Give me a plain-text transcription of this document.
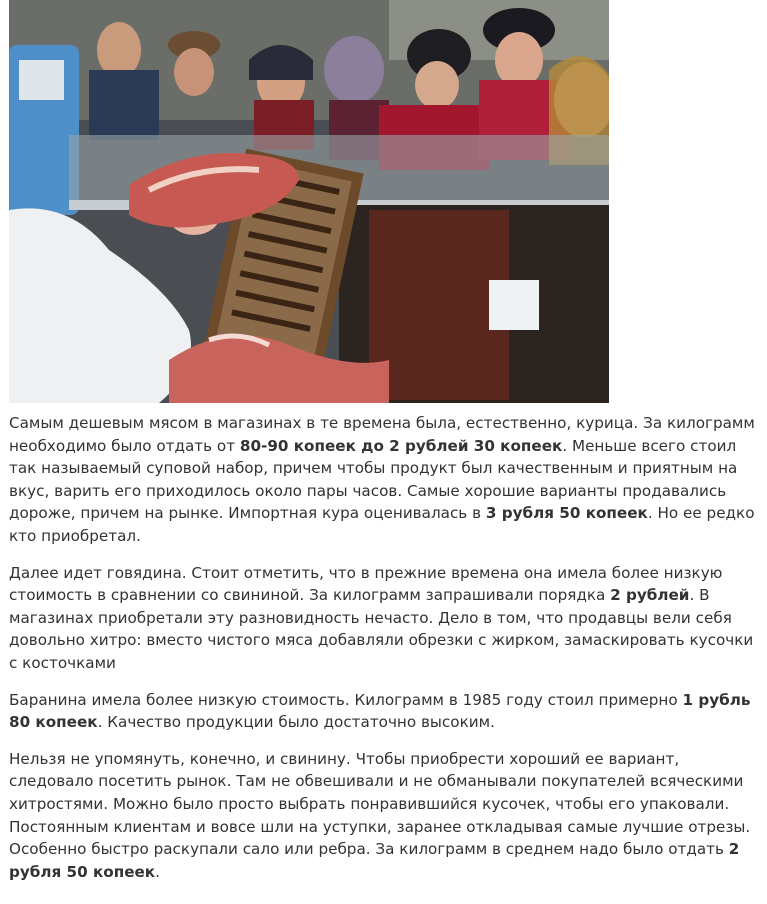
Самым дешевым мясом в магазинах в те времена была, естественно, курица. За килограмм необходимо было отдать от 80-90 копеек до 2 рублей 30 копеек. Меньше всего стоил так называемый суповой набор, причем чтобы продукт был качественным и приятным на вкус, варить его приходилось около пары часов. Самые хорошие варианты продавались дороже, причем на рынке. Импортная кура оценивалась в 3 рубля 50 копеек. Но ее редко кто приобретал.

Далее идет говядина. Стоит отметить, что в прежние времена она имела более низкую стоимость в сравнении со свининой. За килограмм запрашивали порядка 2 рублей. В магазинах приобретали эту разновидность нечасто. Дело в том, что продавцы вели себя довольно хитро: вместо чистого мяса добавляли обрезки с жирком, замаскировать кусочки с косточками

Баранина имела более низкую стоимость. Килограмм в 1985 году стоил примерно 1 рубль 80 копеек. Качество продукции было достаточно высоким.

Нельзя не упомянуть, конечно, и свинину. Чтобы приобрести хороший ее вариант, следовало посетить рынок. Там не обвешивали и не обманывали покупателей всяческими хитростями. Можно было просто выбрать понравившийся кусочек, чтобы его упаковали. Постоянным клиентам и вовсе шли на уступки, заранее откладывая самые лучшие отрезы. Особенно быстро раскупали сало или ребра. За килограмм в среднем надо было отдать 2 рубля 50 копеек.
